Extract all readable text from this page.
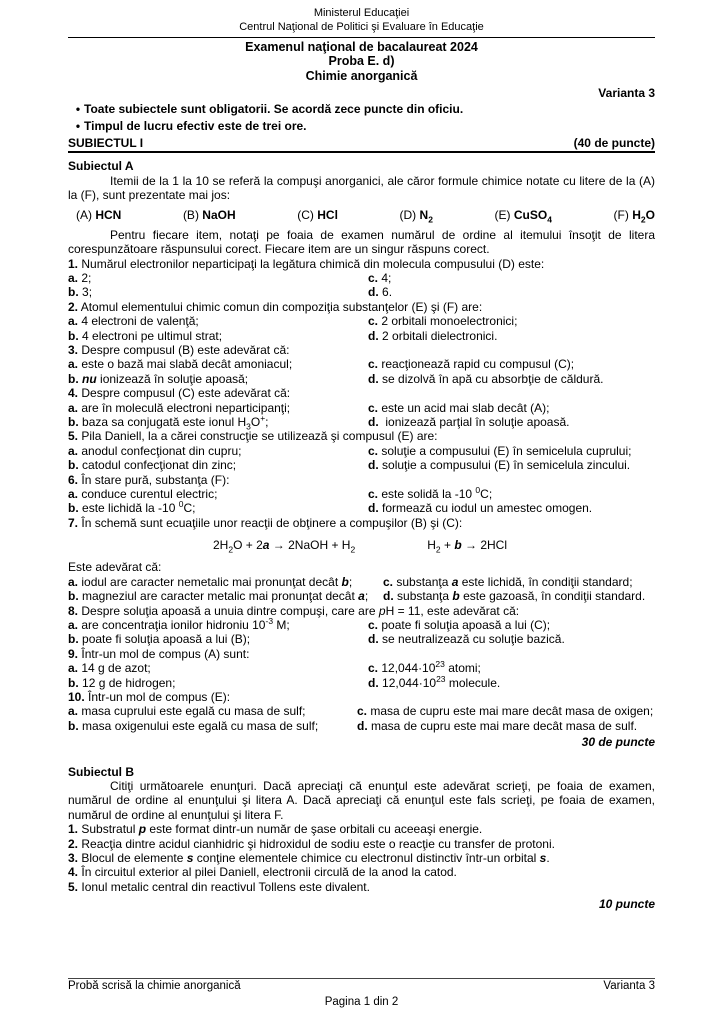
Ministerul Educaţiei
Centrul Naţional de Politici şi Evaluare în Educaţie
Examenul naţional de bacalaureat 2024
Proba E. d)
Chimie anorganică
Varianta 3
• Toate subiectele sunt obligatorii. Se acordă zece puncte din oficiu.
• Timpul de lucru efectiv este de trei ore.
SUBIECTUL I	(40 de puncte)
Subiectul A
Itemii de la 1 la 10 se referă la compuşi anorganici, ale căror formule chimice notate cu litere de la (A) la (F), sunt prezentate mai jos:
(A) HCN	(B) NaOH	(C) HCl	(D) $N_2$	(E) CuSO$_4$	(F) $H_2O$
Pentru fiecare item, notaţi pe foaia de examen numărul de ordine al itemului însoţit de litera corespunzătoare răspunsului corect. Fiecare item are un singur răspuns corect.
1. Numărul electronilor neparticipaţi la legătura chimică din molecula compusului (D) este:
a. 2;	c. 4;
b. 3;	d. 6.
2. Atomul elementului chimic comun din compoziţia substanţelor (E) şi (F) are:
a. 4 electroni de valenţă;	c. 2 orbitali monoelectronici;
b. 4 electroni pe ultimul strat;	d. 2 orbitali dielectronici.
3. Despre compusul (B) este adevărat că:
a. este o bază mai slabă decât amoniacul;	c. reacţionează rapid cu compusul (C);
b. nu ionizează în soluţie apoasă;	d. se dizolvă în apă cu absorbţie de căldură.
4. Despre compusul (C) este adevărat că:
a. are în moleculă electroni neparticipanţi;	c. este un acid mai slab decât (A);
b. baza sa conjugată este ionul $H_3O^+$;	d.  ionizează parţial în soluţie apoasă.
5. Pila Daniell, la a cărei construcţie se utilizează şi compusul (E) are:
a. anodul confecţionat din cupru;	c. soluţie a compusului (E) în semicelula cuprului;
b. catodul confecţionat din zinc;	d. soluţie a compusului (E) în semicelula zincului.
6. În stare pură, substanţa (F):
a. conduce curentul electric;	c. este solidă la -10 $^0$C;
b. este lichidă la -10 $^0$C;	d. formează cu iodul un amestec omogen.
7. În schemă sunt ecuaţiile unor reacţii de obţinere a compuşilor (B) şi (C):
$2H_2O + 2a$ → 2NaOH + $H_2$	$H_2 + b \to 2HCl$
Este adevărat că:
a. iodul are caracter nemetalic mai pronunţat decât b;	c. substanţa a este lichidă, în condiţii standard;
b. magneziul are caracter metalic mai pronunţat decât a;	d. substanţa b este gazoasă, în condiţii standard.
8. Despre soluţia apoasă a unuia dintre compuşi, care are pH = 11, este adevărat că:
a. are concentraţia ionilor hidroniu $10^{-3}$ M;	c. poate fi soluţia apoasă a lui (C);
b. poate fi soluţia apoasă a lui (B);	d. se neutralizează cu soluţie bazică.
9. Într-un mol de compus (A) sunt:
a. 14 g de azot;	c. $12,044\cdot 10^{23}$ atomi;
b. 12 g de hidrogen;	d. $12,044\cdot 10^{23}$ molecule.
10. Într-un mol de compus (E):
a. masa cuprului este egală cu masa de sulf;	c. masa de cupru este mai mare decât masa de oxigen;
b. masa oxigenului este egală cu masa de sulf;	d. masa de cupru este mai mare decât masa de sulf.
30 de puncte
Subiectul B
Citiţi următoarele enunţuri. Dacă apreciaţi că enunţul este adevărat scrieţi, pe foaia de examen, numărul de ordine al enunţului şi litera A. Dacă apreciaţi că enunţul este fals scrieţi, pe foaia de examen, numărul de ordine al enunţului şi litera F.
1. Substratul p este format dintr-un număr de şase orbitali cu aceeaşi energie.
2. Reacţia dintre acidul cianhidric şi hidroxidul de sodiu este o reacţie cu transfer de protoni.
3. Blocul de elemente s conţine elementele chimice cu electronul distinctiv într-un orbital s.
4. În circuitul exterior al pilei Daniell, electronii circulă de la anod la catod.
5. Ionul metalic central din reactivul Tollens este divalent.
10 puncte
Probă scrisă la chimie anorganică	Varianta 3
Pagina 1 din 2
